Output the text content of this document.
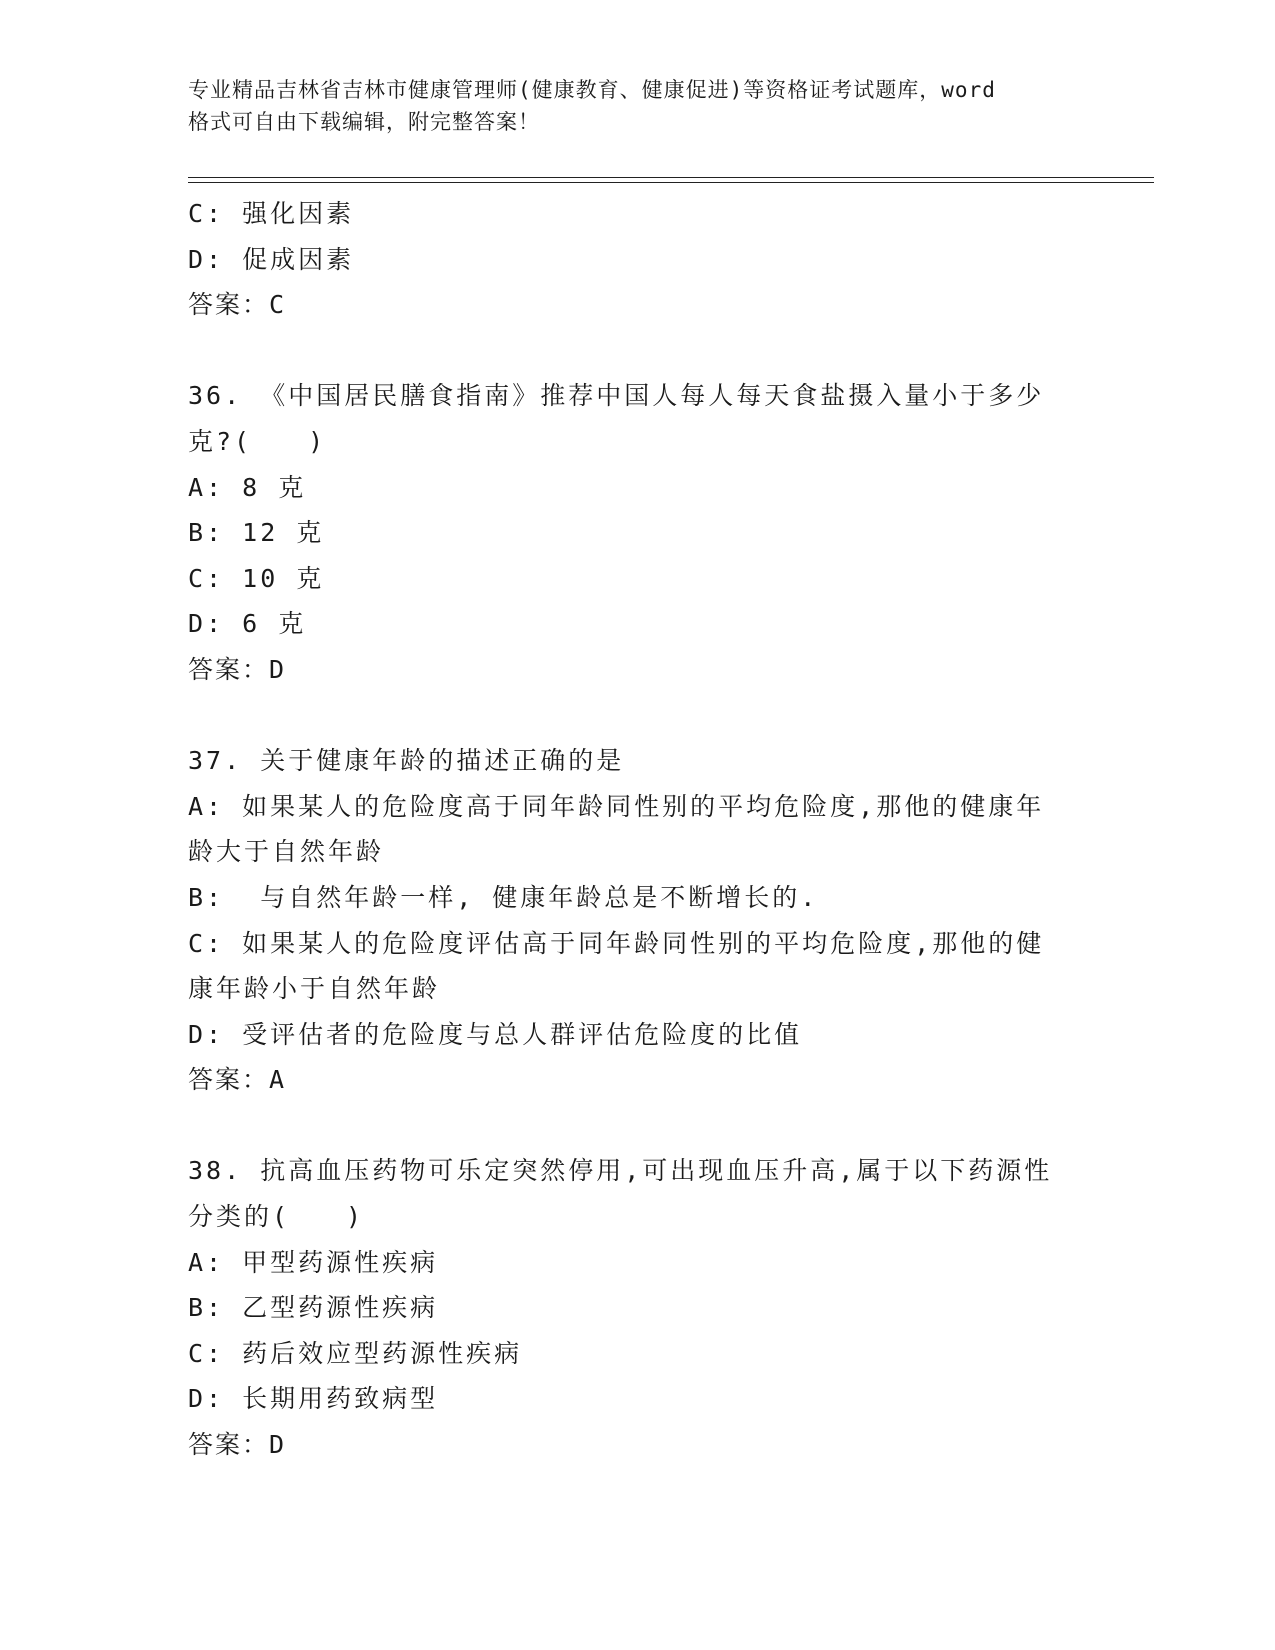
专业精品吉林省吉林市健康管理师(健康教育、健康促进)等资格证考试题库，word
格式可自由下载编辑，附完整答案！
C: 强化因素
D: 促成因素
答案：C
36. 《中国居民膳食指南》推荐中国人每人每天食盐摄入量小于多少
克?(　　)
A: 8 克
B: 12 克
C: 10 克
D: 6 克
答案：D
37. 关于健康年龄的描述正确的是
A: 如果某人的危险度高于同年龄同性别的平均危险度,那他的健康年
龄大于自然年龄
B:  与自然年龄一样, 健康年龄总是不断增长的.
C: 如果某人的危险度评估高于同年龄同性别的平均危险度,那他的健
康年龄小于自然年龄
D: 受评估者的危险度与总人群评估危险度的比值
答案：A
38. 抗高血压药物可乐定突然停用,可出现血压升高,属于以下药源性
分类的(　　)
A: 甲型药源性疾病
B: 乙型药源性疾病
C: 药后效应型药源性疾病
D: 长期用药致病型
答案：D
